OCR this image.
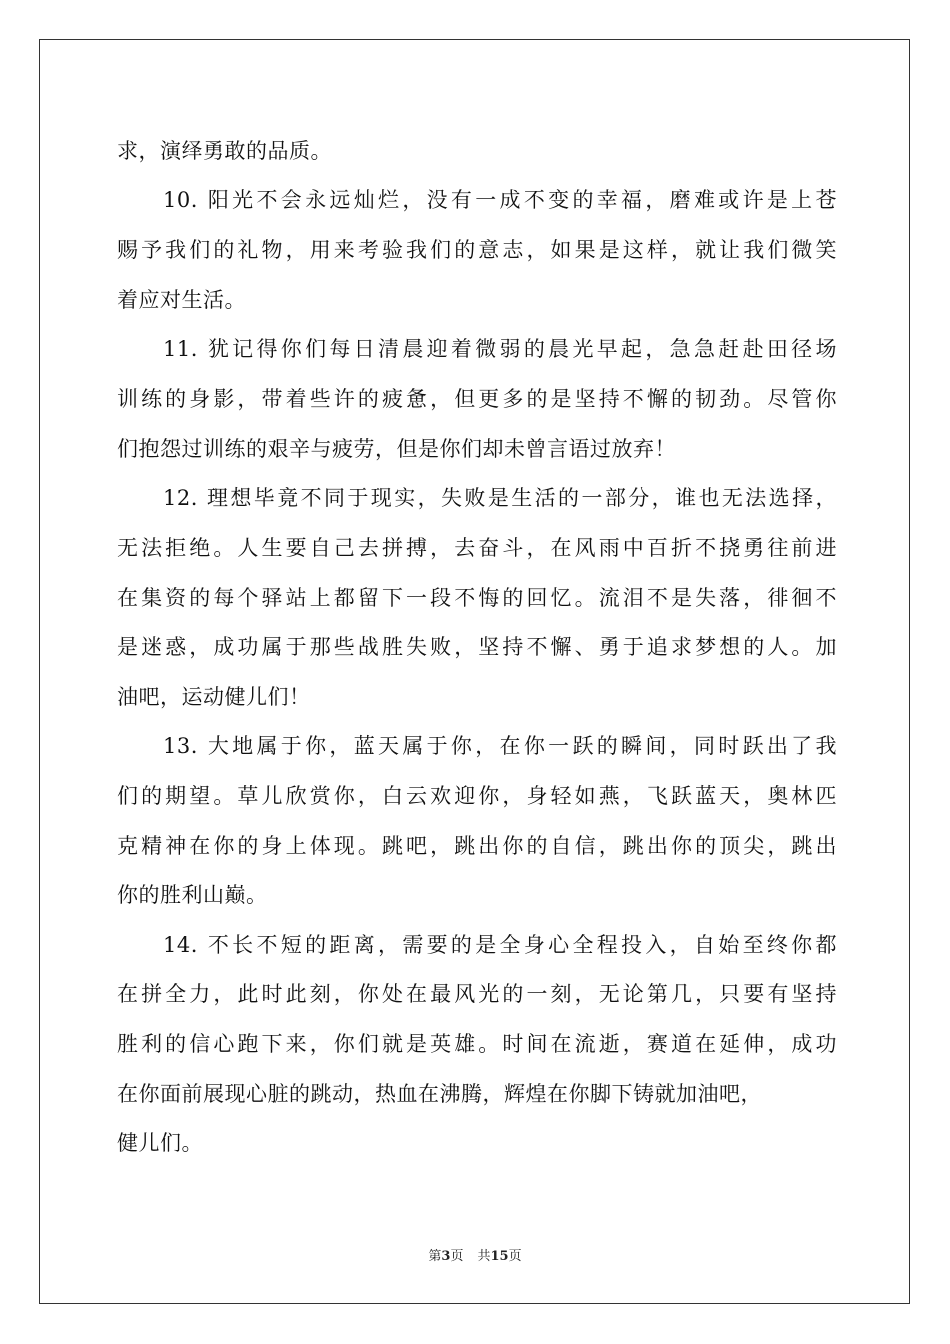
求，演绎勇敢的品质。
10. 阳光不会永远灿烂，没有一成不变的幸福，磨难或许是上苍
赐予我们的礼物，用来考验我们的意志，如果是这样，就让我们微笑
着应对生活。
11. 犹记得你们每日清晨迎着微弱的晨光早起，急急赶赴田径场
训练的身影，带着些许的疲惫，但更多的是坚持不懈的韧劲。尽管你
们抱怨过训练的艰辛与疲劳，但是你们却未曾言语过放弃！
12. 理想毕竟不同于现实，失败是生活的一部分，谁也无法选择，
无法拒绝。人生要自己去拼搏，去奋斗，在风雨中百折不挠勇往前进
在集资的每个驿站上都留下一段不悔的回忆。流泪不是失落，徘徊不
是迷惑，成功属于那些战胜失败，坚持不懈、勇于追求梦想的人。加
油吧，运动健儿们！
13. 大地属于你，蓝天属于你，在你一跃的瞬间，同时跃出了我
们的期望。草儿欣赏你，白云欢迎你，身轻如燕，飞跃蓝天，奥林匹
克精神在你的身上体现。跳吧，跳出你的自信，跳出你的顶尖，跳出
你的胜利山巅。
14. 不长不短的距离，需要的是全身心全程投入，自始至终你都
在拼全力，此时此刻，你处在最风光的一刻，无论第几，只要有坚持
胜利的信心跑下来，你们就是英雄。时间在流逝，赛道在延伸，成功
在你面前展现心脏的跳动，热血在沸腾，辉煌在你脚下铸就加油吧，
健儿们。
第3页 共15页
